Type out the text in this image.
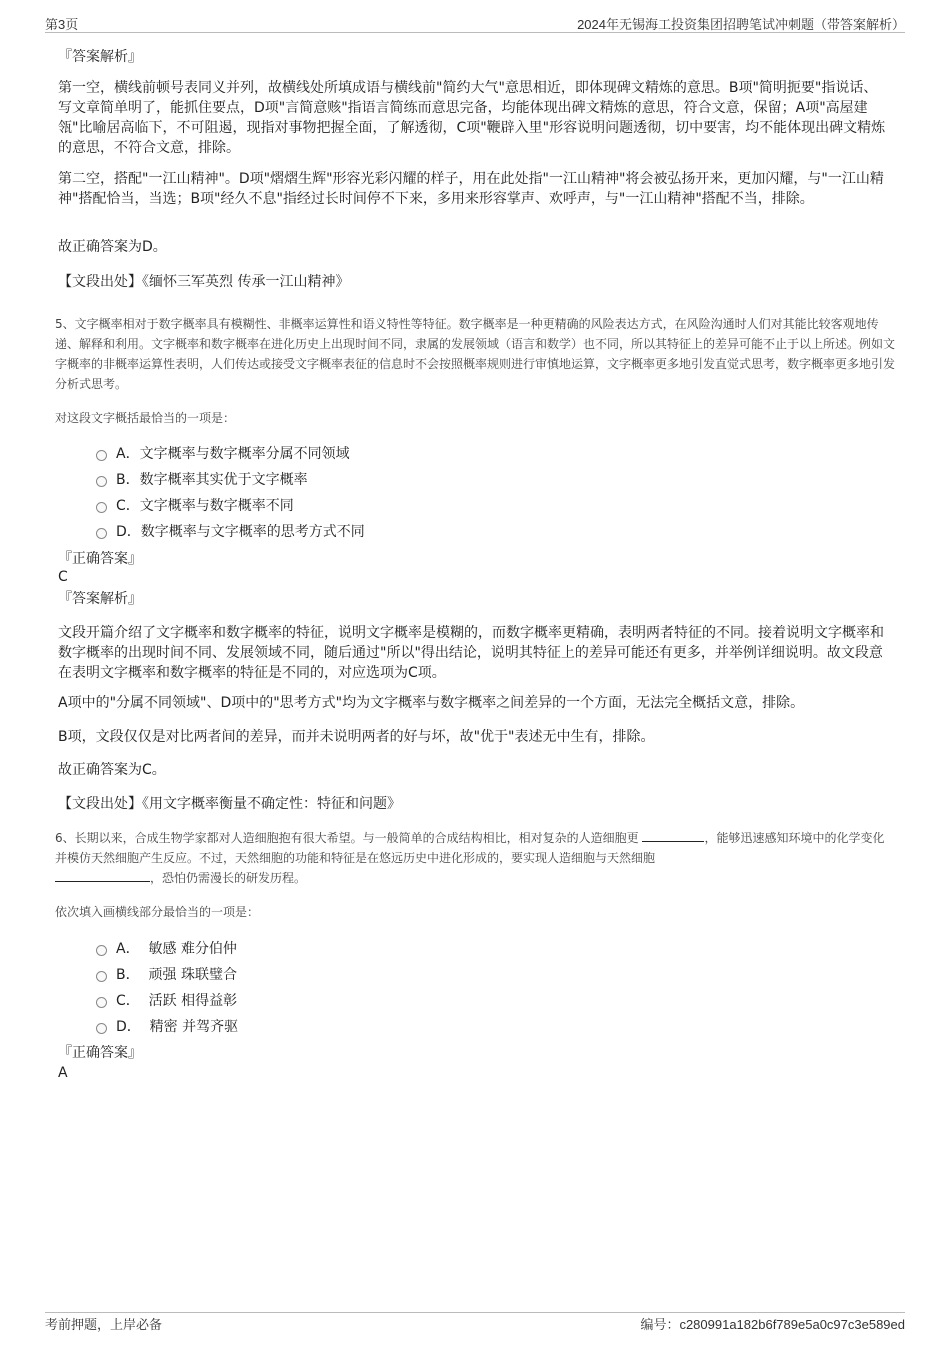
第3页	2024年无锡海工投资集团招聘笔试冲刺题（带答案解析）
『答案解析』
第一空，横线前顿号表同义并列，故横线处所填成语与横线前"简约大气"意思相近，即体现碑文精炼的意思。B项"简明扼要"指说话、写文章简单明了，能抓住要点，D项"言简意赅"指语言简练而意思完备，均能体现出碑文精炼的意思，符合文意，保留；A项"高屋建瓴"比喻居高临下，不可阻遏，现指对事物把握全面，了解透彻，C项"鞭辟入里"形容说明问题透彻，切中要害，均不能体现出碑文精炼的意思，不符合文意，排除。
第二空，搭配"一江山精神"。D项"熠熠生辉"形容光彩闪耀的样子，用在此处指"一江山精神"将会被弘扬开来，更加闪耀，与"一江山精神"搭配恰当，当选；B项"经久不息"指经过长时间停不下来，多用来形容掌声、欢呼声，与"一江山精神"搭配不当，排除。
故正确答案为D。
【文段出处】《缅怀三军英烈 传承一江山精神》
5、文字概率相对于数字概率具有模糊性、非概率运算性和语义特性等特征。数字概率是一种更精确的风险表达方式，在风险沟通时人们对其能比较客观地传递、解释和利用。文字概率和数字概率在进化历史上出现时间不同，隶属的发展领域（语言和数学）也不同，所以其特征上的差异可能不止于以上所述。例如文字概率的非概率运算性表明，人们传达或接受文字概率表征的信息时不会按照概率规则进行审慎地运算，文字概率更多地引发直觉式思考，数字概率更多地引发分析式思考。
对这段文字概括最恰当的一项是：
A．文字概率与数字概率分属不同领域
B．数字概率其实优于文字概率
C．文字概率与数字概率不同
D．数字概率与文字概率的思考方式不同
『正确答案』
C
『答案解析』
文段开篇介绍了文字概率和数字概率的特征，说明文字概率是模糊的，而数字概率更精确，表明两者特征的不同。接着说明文字概率和数字概率的出现时间不同、发展领域不同，随后通过"所以"得出结论，说明其特征上的差异可能还有更多，并举例详细说明。故文段意在表明文字概率和数字概率的特征是不同的，对应选项为C项。
A项中的"分属不同领域"、D项中的"思考方式"均为文字概率与数字概率之间差异的一个方面，无法完全概括文意，排除。
B项，文段仅仅是对比两者间的差异，而并未说明两者的好与坏，故"优于"表述无中生有，排除。
故正确答案为C。
【文段出处】《用文字概率衡量不确定性：特征和问题》
6、长期以来，合成生物学家都对人造细胞抱有很大希望。与一般简单的合成结构相比，相对复杂的人造细胞更	，能够迅速感知环境中的化学变化并模仿天然细胞产生反应。不过，天然细胞的功能和特征是在悠远历史中进化形成的，要实现人造细胞与天然细胞
，恐怕仍需漫长的研发历程。
依次填入画横线部分最恰当的一项是：
A．  敏感 难分伯仲
B．  顽强 珠联璧合
C．  活跃 相得益彰
D．  精密 并驾齐驱
『正确答案』
A
考前押题，上岸必备	编号：c280991a182b6f789e5a0c97c3e589ed
